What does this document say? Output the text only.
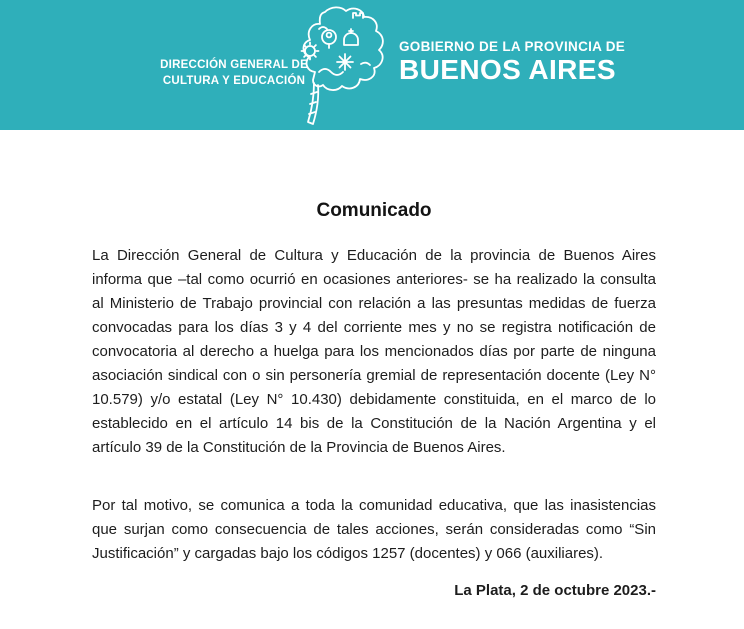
DIRECCIÓN GENERAL DE
CULTURA Y EDUCACIÓN
GOBIERNO DE LA PROVINCIA DE
BUENOS AIRES
Comunicado

La Dirección General de Cultura y Educación de la provincia de Buenos Aires informa que –tal como ocurrió en ocasiones anteriores- se ha realizado la consulta al Ministerio de Trabajo provincial con relación a las presuntas medidas de fuerza convocadas para los días 3 y 4 del corriente mes y no se registra notificación de convocatoria al derecho a huelga para los mencionados días por parte de ninguna asociación sindical con o sin personería gremial de representación docente (Ley N° 10.579) y/o estatal (Ley N° 10.430) debidamente constituida, en el marco de lo establecido en el artículo 14 bis de la Constitución de la Nación Argentina y el artículo 39 de la Constitución de la Provincia de Buenos Aires.

Por tal motivo, se comunica a toda la comunidad educativa, que las inasistencias que surjan como consecuencia de tales acciones, serán consideradas como “Sin Justificación” y cargadas bajo los códigos 1257 (docentes) y 066 (auxiliares).

La Plata, 2 de octubre 2023.-
